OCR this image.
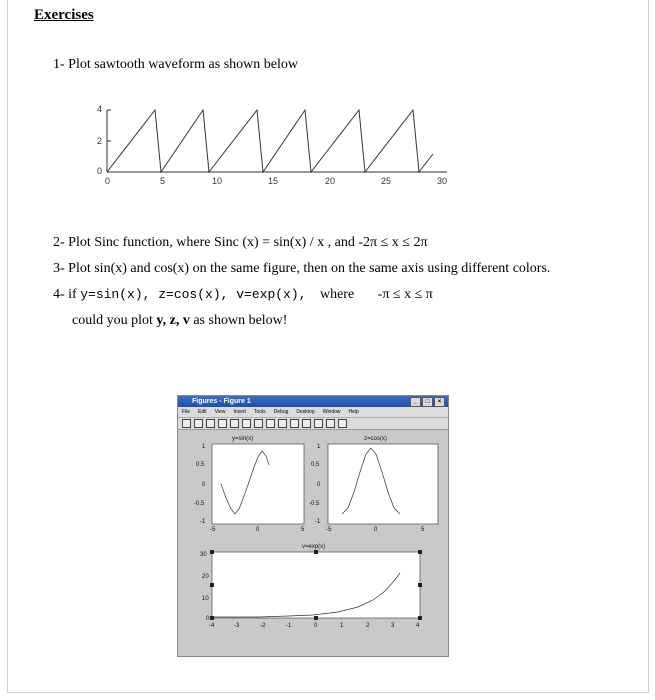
Exercises
1- Plot sawtooth waveform as shown below
4
2
0
0	5	10	15	20	25	30
2- Plot Sinc function, where Sinc (x) = sin(x) / x , and -2π ≤ x ≤ 2π
3- Plot sin(x) and cos(x) on the same figure, then on the same axis using different colors.
4- if y=sin(x), z=cos(x), v=exp(x), where -π ≤ x ≤ π
could you plot y, z, v as shown below!
Figures - Figure 1	_	□	×
File Edit View Insert Tools Debug Desktop Window Help
y=sin(x)
1
0.5
0
-0.5
-1
-5	0	5
z=cos(x)
1
0.5
0
-0.5
-1
-5	0	5
v=exp(x)
30
20
10
0
-4	-3	-2	-1	0	1	2	3	4
